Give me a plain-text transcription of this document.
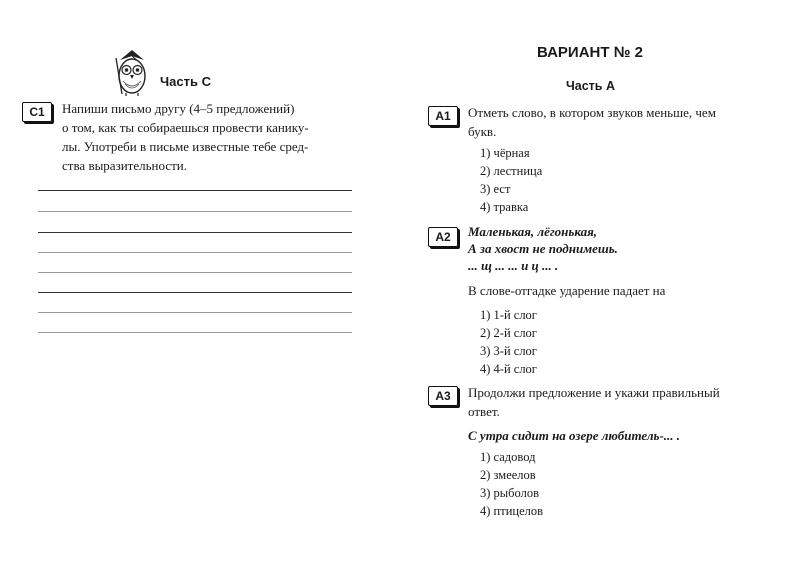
Часть С
С1	Напиши письмо другу (4–5 предложений)
о том, как ты собираешься провести канику-
лы. Употреби в письме известные тебе сред-
ства выразительности.
ВАРИАНТ № 2
Часть А
А1	Отметь слово, в котором звуков меньше, чем
букв.
1) чёрная
2) лестница
3) ест
4) травка
А2	Маленькая, лёгонькая,
А за хвост не поднимешь.
... щ ... ... и ц ... .
В слове-отгадке ударение падает на
1) 1-й слог
2) 2-й слог
3) 3-й слог
4) 4-й слог
А3	Продолжи предложение и укажи правильный
ответ.
С утра сидит на озере любитель-... .
1) садовод
2) змеелов
3) рыболов
4) птицелов
